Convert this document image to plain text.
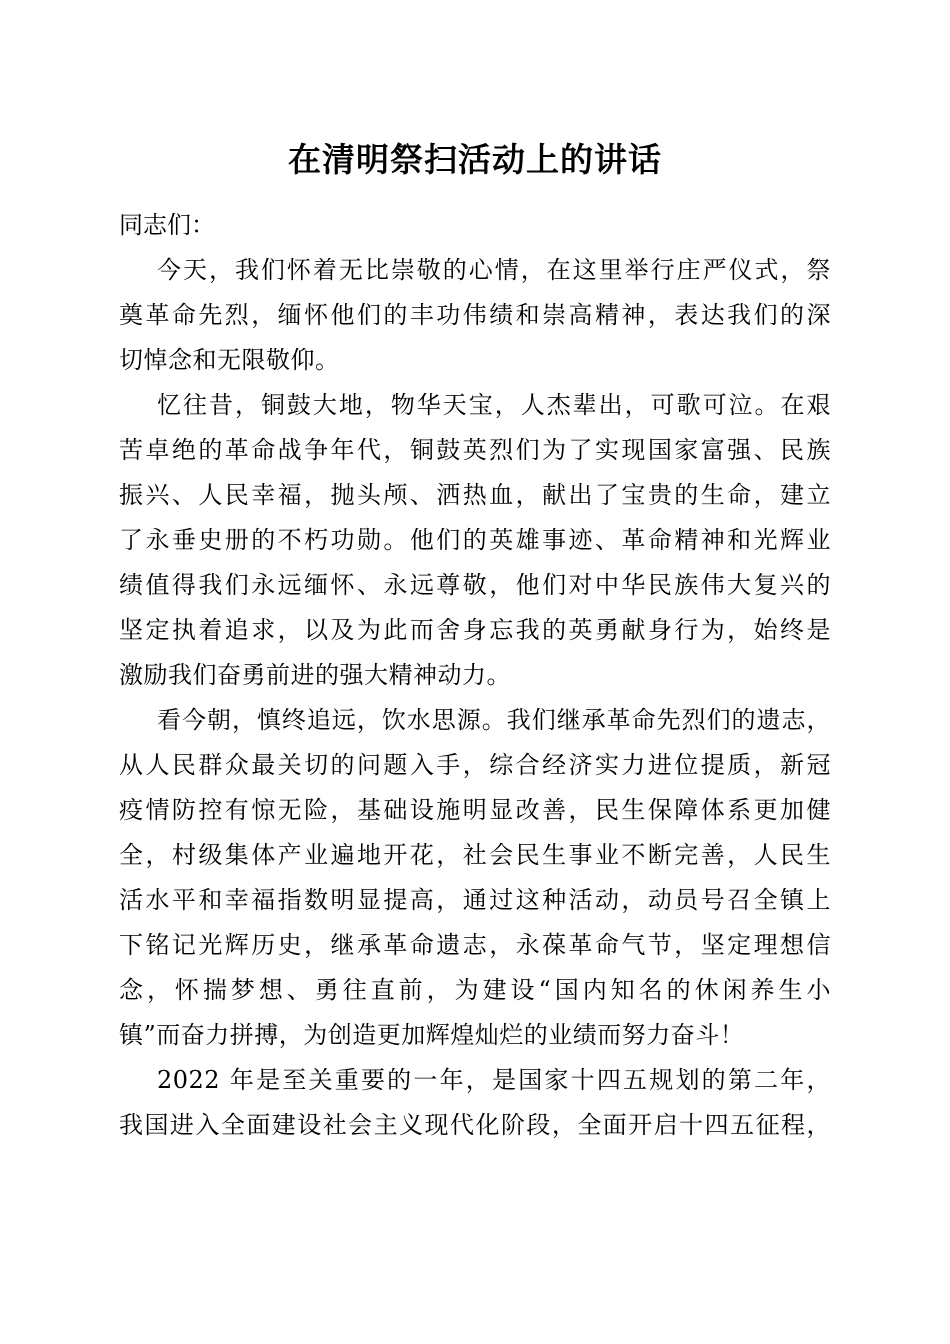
在清明祭扫活动上的讲话

同志们：

今天，我们怀着无比崇敬的心情，在这里举行庄严仪式，祭
奠革命先烈，缅怀他们的丰功伟绩和崇高精神，表达我们的深
切悼念和无限敬仰。

忆往昔，铜鼓大地，物华天宝，人杰辈出，可歌可泣。在艰
苦卓绝的革命战争年代，铜鼓英烈们为了实现国家富强、民族
振兴、人民幸福，抛头颅、洒热血，献出了宝贵的生命，建立
了永垂史册的不朽功勋。他们的英雄事迹、革命精神和光辉业
绩值得我们永远缅怀、永远尊敬，他们对中华民族伟大复兴的
坚定执着追求，以及为此而舍身忘我的英勇献身行为，始终是
激励我们奋勇前进的强大精神动力。

看今朝，慎终追远，饮水思源。我们继承革命先烈们的遗志，
从人民群众最关切的问题入手，综合经济实力进位提质，新冠
疫情防控有惊无险，基础设施明显改善，民生保障体系更加健
全，村级集体产业遍地开花，社会民生事业不断完善，人民生
活水平和幸福指数明显提高，通过这种活动，动员号召全镇上
下铭记光辉历史，继承革命遗志，永葆革命气节，坚定理想信
念，怀揣梦想、勇往直前，为建设“国内知名的休闲养生小
镇”而奋力拼搏，为创造更加辉煌灿烂的业绩而努力奋斗！

2022 年是至关重要的一年，是国家十四五规划的第二年，
我国进入全面建设社会主义现代化阶段，全面开启十四五征程，
